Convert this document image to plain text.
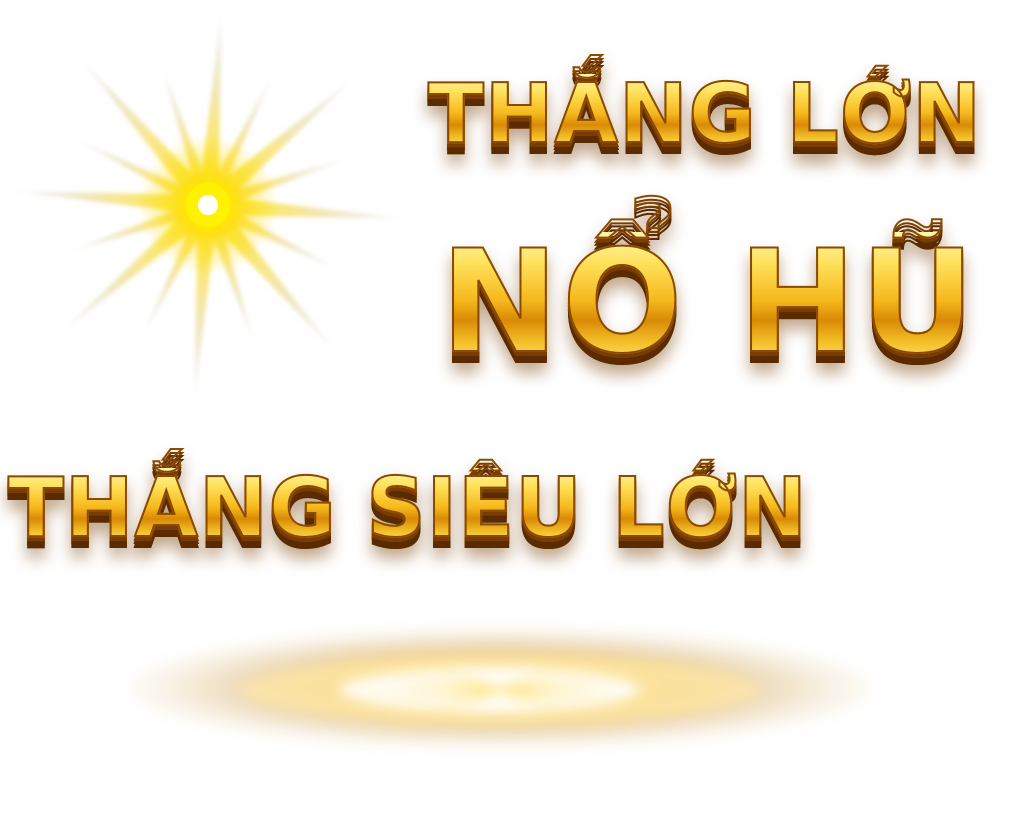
THẮNG LỚN
NỔ HŨ
THẮNG SIÊU LỚN
